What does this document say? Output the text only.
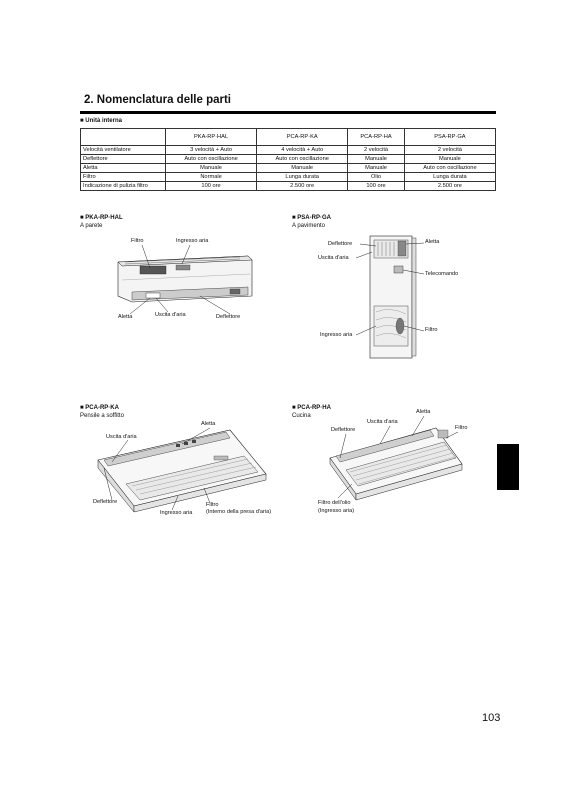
2. Nomenclatura delle parti
■ Unità interna
	PKA-RP·HAL	PCA-RP·KA	PCA-RP·HA	PSA-RP·GA
Velocità ventilatore	3 velocità + Auto	4 velocità + Auto	2 velocità	2 velocità
Deflettore	Auto con oscillazione	Auto con oscillazione	Manuale	Manuale
Aletta	Manuale	Manuale	Manuale	Auto con oscillazione
Filtro	Normale	Lunga durata	Olio	Lunga durata
Indicazione di pulizia filtro	100 ore	2.500 ore	100 ore	2.500 ore
■ PKA-RP·HAL
A parete
Filtro	Ingresso aria
Aletta	Uscita d'aria	Deflettore
■ PSA-RP·GA
A pavimento
Deflettore	Aletta
Uscita d'aria
Telecomando
Filtro
Ingresso aria
■ PCA-RP·KA
Pensile a soffitto
Aletta
Uscita d'aria
Deflettore
Ingresso aria
Filtro
(Interno della presa d'aria)
■ PCA-RP·HA
Cucina
Aletta
Uscita d'aria
Deflettore	Filtro
Filtro dell'olio
(Ingresso aria)
103
